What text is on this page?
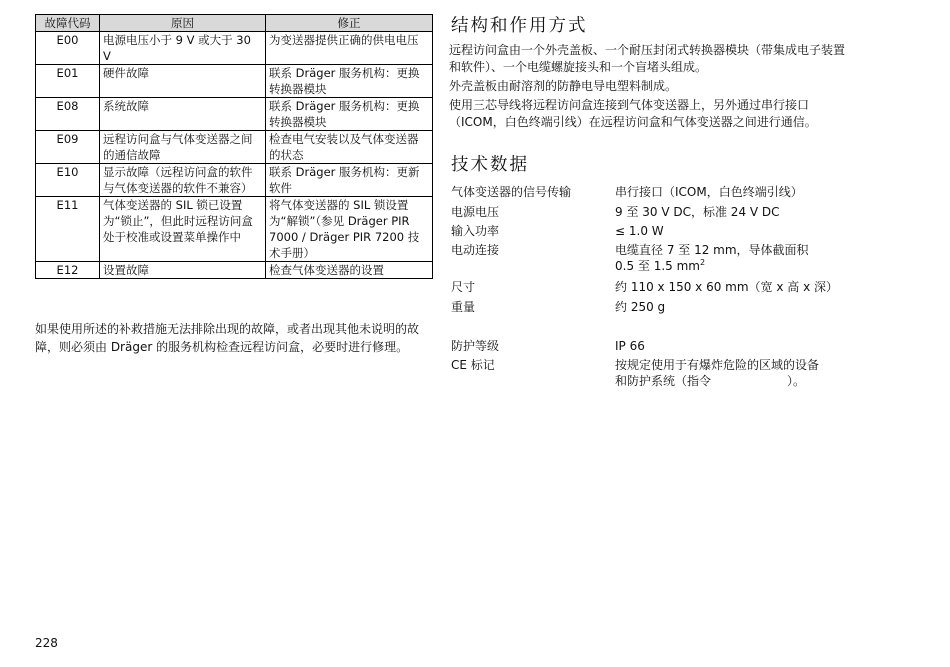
故障代码	原因	修正
E00	电源电压小于 9 V 或大于 30 V	为变送器提供正确的供电电压
E01	硬件故障	联系 Dräger 服务机构：更换转换器模块
E08	系统故障	联系 Dräger 服务机构：更换转换器模块
E09	远程访问盒与气体变送器之间的通信故障	检查电气安装以及气体变送器的状态
E10	显示故障（远程访问盒的软件与气体变送器的软件不兼容）	联系 Dräger 服务机构：更新软件
E11	气体变送器的 SIL 锁已设置为“锁止”，但此时远程访问盒处于校准或设置菜单操作中	将气体变送器的 SIL 锁设置为“解锁”（参见 Dräger PIR 7000 / Dräger PIR 7200 技术手册）
E12	设置故障	检查气体变送器的设置

如果使用所述的补救措施无法排除出现的故障，或者出现其他未说明的故障，则必须由 Dräger 的服务机构检查远程访问盒，必要时进行修理。

结构和作用方式

远程访问盒由一个外壳盖板、一个耐压封闭式转换器模块（带集成电子装置和软件）、一个电缆螺旋接头和一个盲堵头组成。

外壳盖板由耐溶剂的防静电导电塑料制成。

使用三芯导线将远程访问盒连接到气体变送器上，另外通过串行接口（ICOM，白色终端引线）在远程访问盒和气体变送器之间进行通信。

技术数据
气体变送器的信号传输	串行接口（ICOM，白色终端引线）
电源电压	9 至 30 V DC，标准 24 V DC
输入功率	≤ 1.0 W
电动连接	电缆直径 7 至 12 mm，导体截面积
0.5 至 1.5 $mm^2$
尺寸	约 110 x 150 x 60 mm（宽 x 高 x 深）
重量	约 250 g
防护等级	IP 66
CE 标记	按规定使用于有爆炸危险的区域的设备
和防护系统（指令	）。
228
